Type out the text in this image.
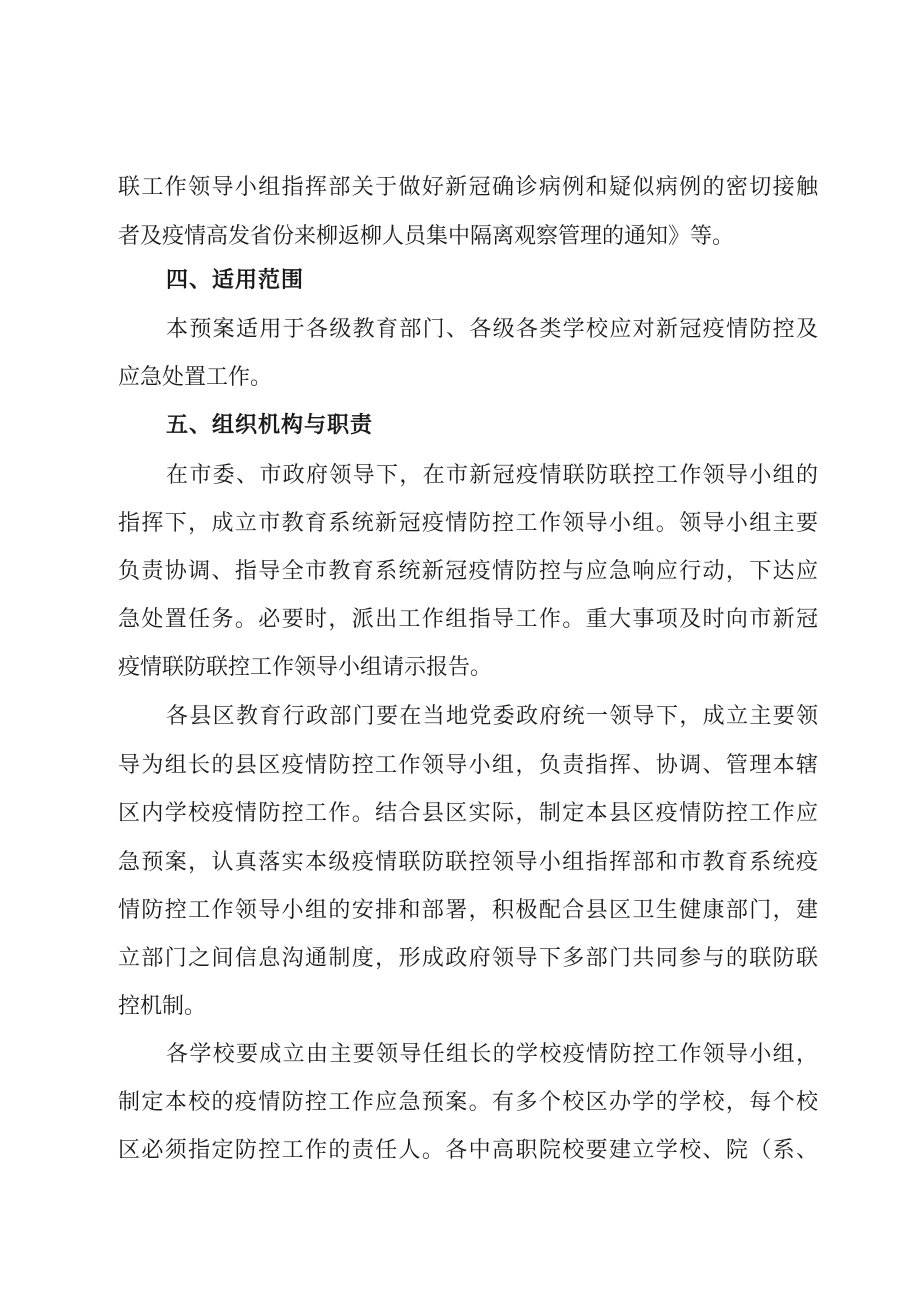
联工作领导小组指挥部关于做好新冠确诊病例和疑似病例的密切接触
者及疫情高发省份来柳返柳人员集中隔离观察管理的通知》等。
四、适用范围
本预案适用于各级教育部门、各级各类学校应对新冠疫情防控及
应急处置工作。
五、组织机构与职责
在市委、市政府领导下，在市新冠疫情联防联控工作领导小组的
指挥下，成立市教育系统新冠疫情防控工作领导小组。领导小组主要
负责协调、指导全市教育系统新冠疫情防控与应急响应行动，下达应
急处置任务。必要时，派出工作组指导工作。重大事项及时向市新冠
疫情联防联控工作领导小组请示报告。
各县区教育行政部门要在当地党委政府统一领导下，成立主要领
导为组长的县区疫情防控工作领导小组，负责指挥、协调、管理本辖
区内学校疫情防控工作。结合县区实际，制定本县区疫情防控工作应
急预案，认真落实本级疫情联防联控领导小组指挥部和市教育系统疫
情防控工作领导小组的安排和部署，积极配合县区卫生健康部门，建
立部门之间信息沟通制度，形成政府领导下多部门共同参与的联防联
控机制。
各学校要成立由主要领导任组长的学校疫情防控工作领导小组，
制定本校的疫情防控工作应急预案。有多个校区办学的学校，每个校
区必须指定防控工作的责任人。各中高职院校要建立学校、院（系、
